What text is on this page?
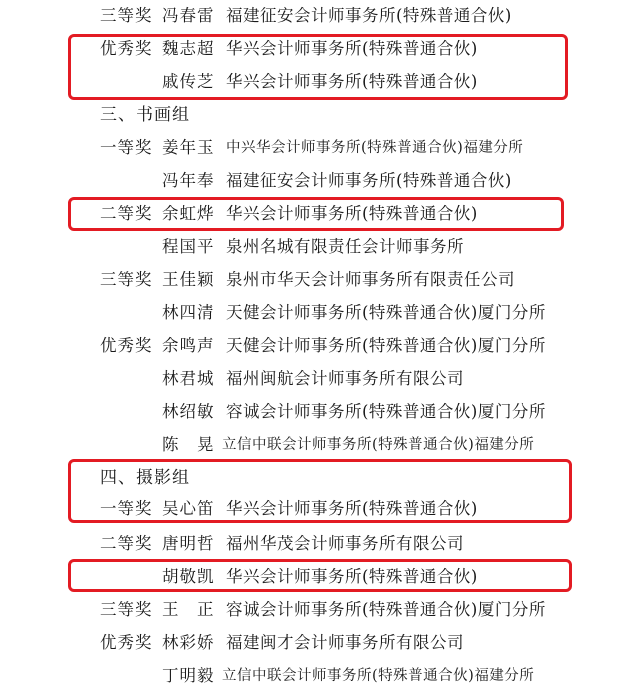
三等奖 冯春雷 福建征安会计师事务所(特殊普通合伙)
优秀奖 魏志超 华兴会计师事务所(特殊普通合伙)
戚传芝 华兴会计师事务所(特殊普通合伙)
三、书画组
一等奖 姜年玉 中兴华会计师事务所(特殊普通合伙)福建分所
冯年奉 福建征安会计师事务所(特殊普通合伙)
二等奖 余虹烨 华兴会计师事务所(特殊普通合伙)
程国平 泉州名城有限责任会计师事务所
三等奖 王佳颖 泉州市华天会计师事务所有限责任公司
林四清 天健会计师事务所(特殊普通合伙)厦门分所
优秀奖 余鸣声 天健会计师事务所(特殊普通合伙)厦门分所
林君城 福州闽航会计师事务所有限公司
林绍敏 容诚会计师事务所(特殊普通合伙)厦门分所
陈　晃 立信中联会计师事务所(特殊普通合伙)福建分所
四、摄影组
一等奖 吴心笛 华兴会计师事务所(特殊普通合伙)
二等奖 唐明哲 福州华茂会计师事务所有限公司
胡敬凯 华兴会计师事务所(特殊普通合伙)
三等奖 王　正 容诚会计师事务所(特殊普通合伙)厦门分所
优秀奖 林彩娇 福建闽才会计师事务所有限公司
丁明毅 立信中联会计师事务所(特殊普通合伙)福建分所
